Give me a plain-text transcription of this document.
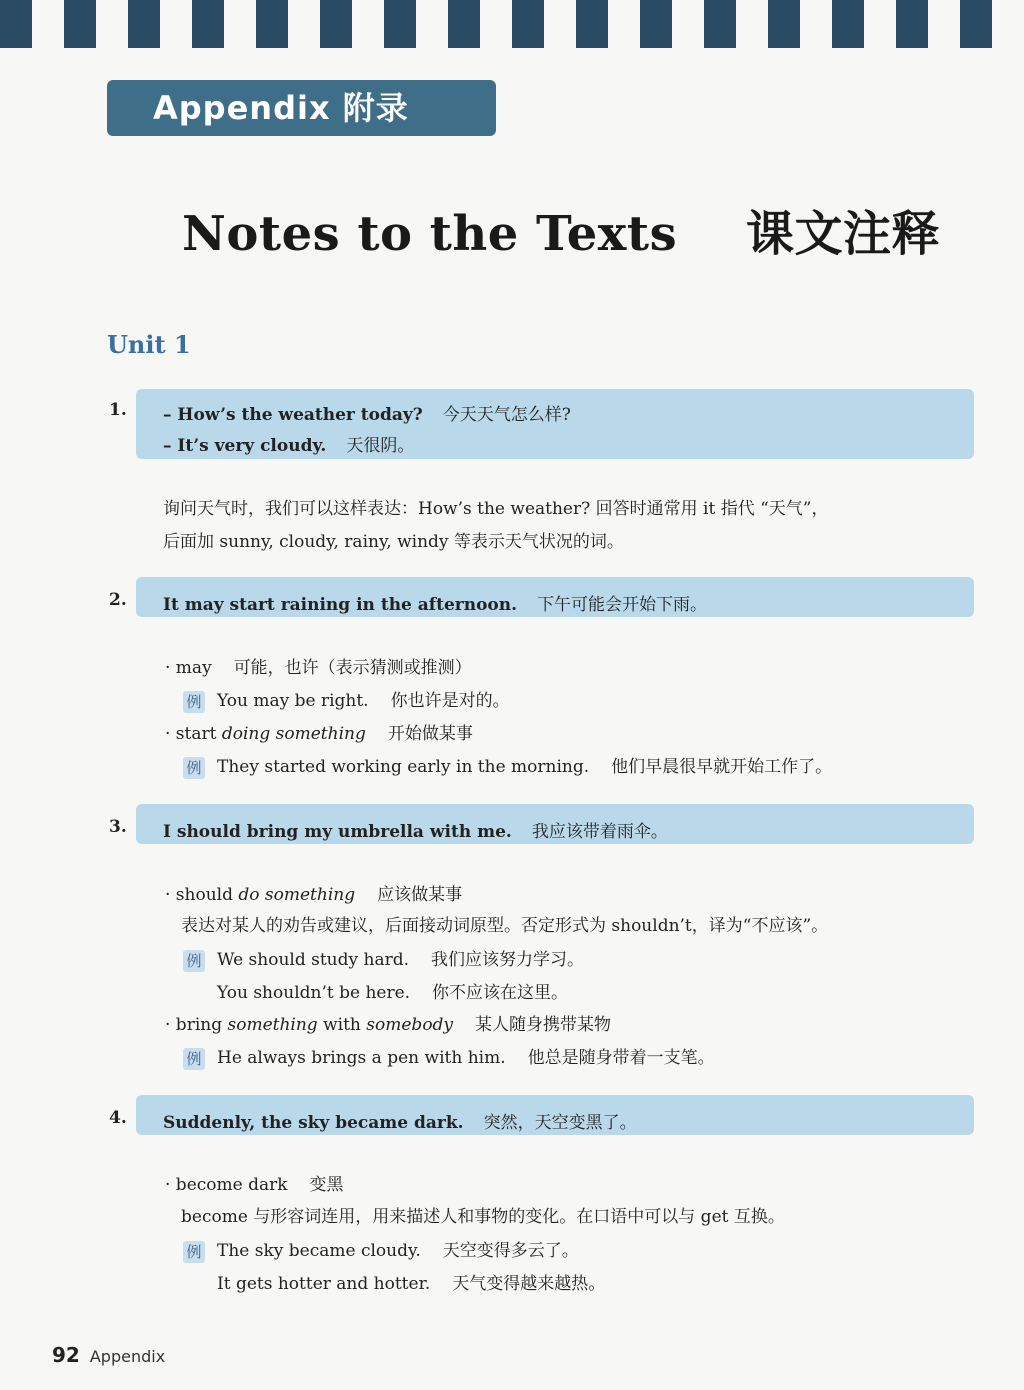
Appendix 附录
Notes to the Texts    课文注释
Unit 1
1. – How’s the weather today? 今天天气怎么样?
– It’s very cloudy. 天很阴。
询问天气时，我们可以这样表达：How’s the weather? 回答时通常用 it 指代 “天气”，
后面加 sunny, cloudy, rainy, windy 等表示天气状况的词。
2. It may start raining in the afternoon. 下午可能会开始下雨。
· may 可能，也许（表示猜测或推测）
例 You may be right. 你也许是对的。
· start doing something 开始做某事
例 They started working early in the morning. 他们早晨很早就开始工作了。
3. I should bring my umbrella with me. 我应该带着雨伞。
· should do something 应该做某事
表达对某人的劝告或建议，后面接动词原型。否定形式为 shouldn’t，译为“不应该”。
例 We should study hard. 我们应该努力学习。
You shouldn’t be here. 你不应该在这里。
· bring something with somebody 某人随身携带某物
例 He always brings a pen with him. 他总是随身带着一支笔。
4. Suddenly, the sky became dark. 突然，天空变黑了。
· become dark 变黑
become 与形容词连用，用来描述人和事物的变化。在口语中可以与 get 互换。
例 The sky became cloudy. 天空变得多云了。
It gets hotter and hotter. 天气变得越来越热。
92 Appendix
